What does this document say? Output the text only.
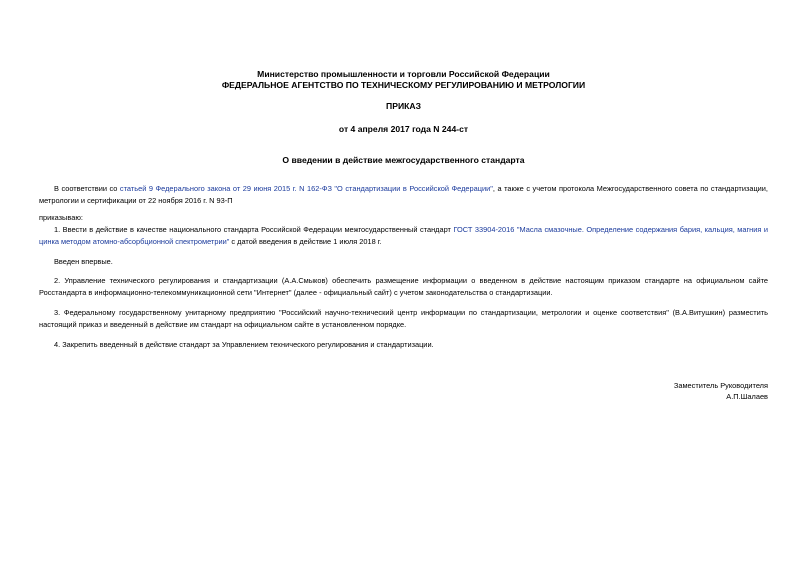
Министерство промышленности и торговли Российской Федерации
ФЕДЕРАЛЬНОЕ АГЕНТСТВО ПО ТЕХНИЧЕСКОМУ РЕГУЛИРОВАНИЮ И МЕТРОЛОГИИ
ПРИКАЗ
от 4 апреля 2017 года N 244-ст
О введении в действие межгосударственного стандарта
В соответствии со статьей 9 Федерального закона от 29 июня 2015 г. N 162-ФЗ "О стандартизации в Российской Федерации", а также с учетом протокола Межгосударственного совета по стандартизации, метрологии и сертификации от 22 ноября 2016 г. N 93-П
приказываю:
1. Ввести в действие в качестве национального стандарта Российской Федерации межгосударственный стандарт ГОСТ 33904-2016 "Масла смазочные. Определение содержания бария, кальция, магния и цинка методом атомно-абсорбционной спектрометрии" с датой введения в действие 1 июля 2018 г.
Введен впервые.
2. Управление технического регулирования и стандартизации (А.А.Смыков) обеспечить размещение информации о введенном в действие настоящим приказом стандарте на официальном сайте Росстандарта в информационно-телекоммуникационной сети "Интернет" (далее - официальный сайт) с учетом законодательства о стандартизации.
3. Федеральному государственному унитарному предприятию "Российский научно-технический центр информации по стандартизации, метрологии и оценке соответствия" (В.А.Витушкин) разместить настоящий приказ и введенный в действие им стандарт на официальном сайте в установленном порядке.
4. Закрепить введенный в действие стандарт за Управлением технического регулирования и стандартизации.
Заместитель Руководителя
А.П.Шалаев
